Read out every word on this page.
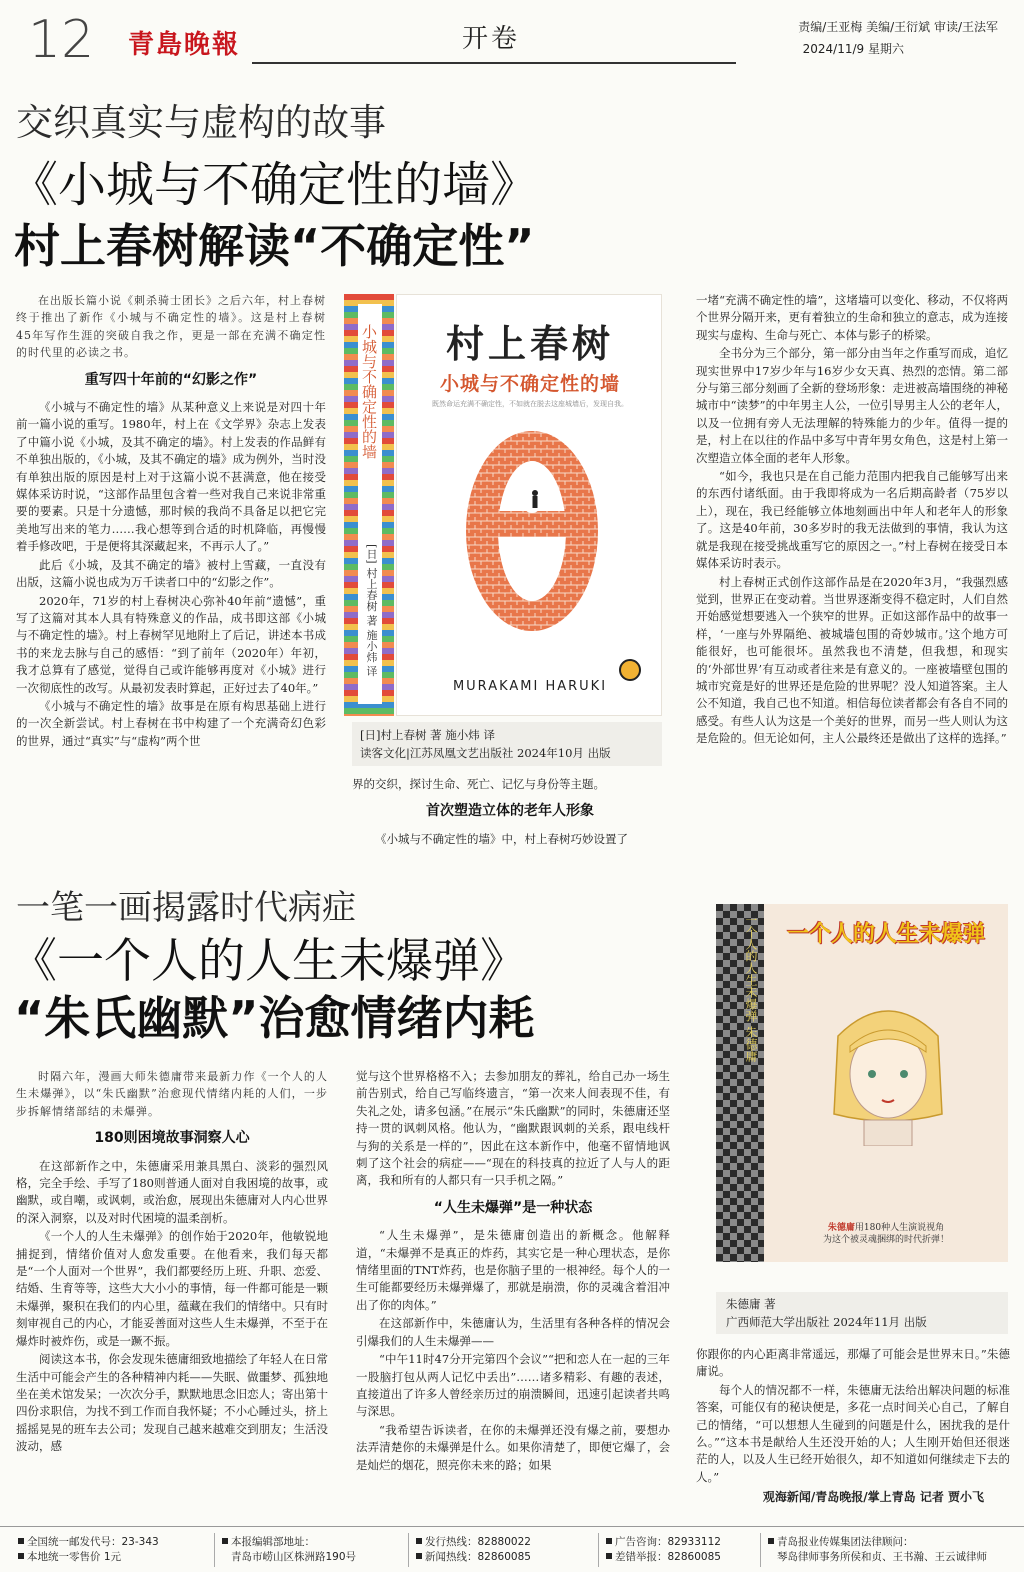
12 青島晚報	开卷	责编/王亚梅 美编/王衍斌 审读/王法军
2024/11/9 星期六
交织真实与虚构的故事
《小城与不确定性的墙》
村上春树解读“不确定性”

在出版长篇小说《刺杀骑士团长》之后六年，村上春树终于推出了新作《小城与不确定性的墙》。这是村上春树45年写作生涯的突破自我之作，更是一部在充满不确定性的时代里的必读之书。

重写四十年前的“幻影之作”

《小城与不确定性的墙》从某种意义上来说是对四十年前一篇小说的重写。1980年，村上在《文学界》杂志上发表了中篇小说《小城，及其不确定的墙》。村上发表的作品鲜有不单独出版的，《小城，及其不确定的墙》成为例外，当时没有单独出版的原因是村上对于这篇小说不甚满意，他在接受媒体采访时说，“这部作品里包含着一些对我自己来说非常重要的要素。只是十分遗憾，那时候的我尚不具备足以把它完美地写出来的笔力……我心想等到合适的时机降临，再慢慢着手修改吧，于是便将其深藏起来，不再示人了。”

此后《小城，及其不确定的墙》被村上雪藏，一直没有出版，这篇小说也成为万千读者口中的“幻影之作”。

2020年，71岁的村上春树决心弥补40年前“遗憾”，重写了这篇对其本人具有特殊意义的作品，成书即这部《小城与不确定性的墙》。村上春树罕见地附上了后记，讲述本书成书的来龙去脉与自己的感悟：“到了前年（2020年）年初，我才总算有了感觉，觉得自己或许能够再度对《小城》进行一次彻底性的改写。从最初发表时算起，正好过去了40年。”

《小城与不确定性的墙》故事是在原有构思基础上进行的一次全新尝试。村上春树在书中构建了一个充满奇幻色彩的世界，通过“真实”与“虚构”两个世

小城与不确定性的墙
[日] 村上春树 著 施小炜 译
村上春树
小城与不确定性的墙
既然命运充满不确定性，不如就在脱去这座城墙后，发现自我。
MURAKAMI HARUKI
[日]村上春树 著 施小炜 译
读客文化|江苏凤凰文艺出版社 2024年10月 出版

界的交织，探讨生命、死亡、记忆与身份等主题。

首次塑造立体的老年人形象

《小城与不确定性的墙》中，村上春树巧妙设置了

一堵“充满不确定性的墙”，这堵墙可以变化、移动，不仅将两个世界分隔开来，更有着独立的生命和独立的意志，成为连接现实与虚构、生命与死亡、本体与影子的桥梁。

全书分为三个部分，第一部分由当年之作重写而成，追忆现实世界中17岁少年与16岁少女天真、热烈的恋情。第二部分与第三部分刻画了全新的登场形象：走进被高墙围绕的神秘城市中“读梦”的中年男主人公，一位引导男主人公的老年人，以及一位拥有旁人无法理解的特殊能力的少年。值得一提的是，村上在以往的作品中多写中青年男女角色，这是村上第一次塑造立体全面的老年人形象。

“如今，我也只是在自己能力范围内把我自己能够写出来的东西付诸纸面。由于我即将成为一名后期高龄者（75岁以上），现在，我已经能够立体地刻画出中年人和老年人的形象了。这是40年前，30多岁时的我无法做到的事情，我认为这就是我现在接受挑战重写它的原因之一。”村上春树在接受日本媒体采访时表示。

村上春树正式创作这部作品是在2020年3月，“我强烈感觉到，世界正在变动着。当世界逐渐变得不稳定时，人们自然开始感觉想要逃入一个狭窄的世界。正如这部作品中的故事一样，‘一座与外界隔绝、被城墙包围的奇妙城市。’这个地方可能很好，也可能很坏。虽然我也不清楚，但我想，和现实的‘外部世界’有互动或者往来是有意义的。一座被墙壁包围的城市究竟是好的世界还是危险的世界呢？没人知道答案。主人公不知道，我自己也不知道。相信每位读者都会有各自不同的感受。有些人认为这是一个美好的世界，而另一些人则认为这是危险的。但无论如何，主人公最终还是做出了这样的选择。”

一笔一画揭露时代病症
《一个人的人生未爆弹》
“朱氏幽默”治愈情绪内耗

时隔六年，漫画大师朱德庸带来最新力作《一个人的人生未爆弹》，以“朱氏幽默”治愈现代情绪内耗的人们，一步步拆解情绪部结的未爆弹。

180则困境故事洞察人心

在这部新作之中，朱德庸采用兼具黑白、淡彩的强烈风格，完全手绘、手写了180则普通人面对自我困境的故事，或幽默，或自嘲，或讽刺，或治愈，展现出朱德庸对人内心世界的深入洞察，以及对时代困境的温柔剖析。

《一个人的人生未爆弹》的创作始于2020年，他敏锐地捕捉到，情绪价值对人愈发重要。在他看来，我们每天都是“一个人面对一个世界”，我们都要经历上班、升职、恋爱、结婚、生育等等，这些大大小小的事情，每一件都可能是一颗未爆弹，聚积在我们的内心里，蕴藏在我们的情绪中。只有时刻审视自己的内心，才能妥善面对这些人生未爆弹，不至于在爆炸时被炸伤，或是一蹶不振。

阅读这本书，你会发现朱德庸细致地描绘了年轻人在日常生活中可能会产生的各种精神内耗——失眠、做噩梦、孤独地坐在美术馆发呆；一次次分手，默默地思念旧恋人；寄出第十四份求职信，为找不到工作而自我怀疑；不小心睡过头，挤上摇摇晃晃的班车去公司；发现自己越来越难交到朋友；生活没波动，感

觉与这个世界格格不入；去参加朋友的葬礼，给自己办一场生前告别式，给自己写临终遗言，“第一次来人间表现不佳，有失礼之处，请多包涵。”在展示“朱氏幽默”的同时，朱德庸还坚持一贯的讽刺风格。他认为，“幽默跟讽刺的关系，跟电线杆与狗的关系是一样的”，因此在这本新作中，他毫不留情地讽刺了这个社会的病症——“现在的科技真的拉近了人与人的距离，我和所有的人都只有一只手机之隔。”

“人生未爆弹”是一种状态

“人生未爆弹”，是朱德庸创造出的新概念。他解释道，“未爆弹不是真正的炸药，其实它是一种心理状态，是你情绪里面的TNT炸药，也是你脑子里的一根神经。每个人的一生可能都要经历未爆弹爆了，那就是崩溃，你的灵魂含着泪冲出了你的肉体。”

在这部新作中，朱德庸认为，生活里有各种各样的情况会引爆我们的人生未爆弹——

“中午11时47分开完第四个会议”“把和恋人在一起的三年一股脑打包从两人记忆中丢出”……诸多精彩、有趣的表述，直接道出了许多人曾经亲历过的崩溃瞬间，迅速引起读者共鸣与深思。

“我希望告诉读者，在你的未爆弹还没有爆之前，要想办法弄清楚你的未爆弹是什么。如果你清楚了，即便它爆了，会是灿烂的烟花，照亮你未来的路；如果

一个人的人生未爆弹 朱德庸	一个人的人生未爆弹
朱德庸用180种人生演说视角
为这个被灵魂捆绑的时代折弹！
朱德庸 著
广西师范大学出版社 2024年11月 出版

你跟你的内心距离非常遥远，那爆了可能会是世界末日。”朱德庸说。

每个人的情况都不一样，朱德庸无法给出解决问题的标准答案，可能仅有的秘诀便是，多花一点时间关心自己，了解自己的情绪，“可以想想人生碰到的问题是什么，困扰我的是什么。”“这本书是献给人生还没开始的人；人生刚开始但还很迷茫的人，以及人生已经开始很久，却不知道如何继续走下去的人。”

观海新闻/青岛晚报/掌上青岛 记者 贾小飞
全国统一邮发代号：23-343
本地统一零售价 1元
本报编辑部地址：
青岛市崂山区株洲路190号
发行热线：82880022
新闻热线：82860085
广告咨询：82933112
差错举报：82860085
青岛报业传媒集团法律顾问：
琴岛律师事务所侯和贞、王书瀚、王云诚律师
